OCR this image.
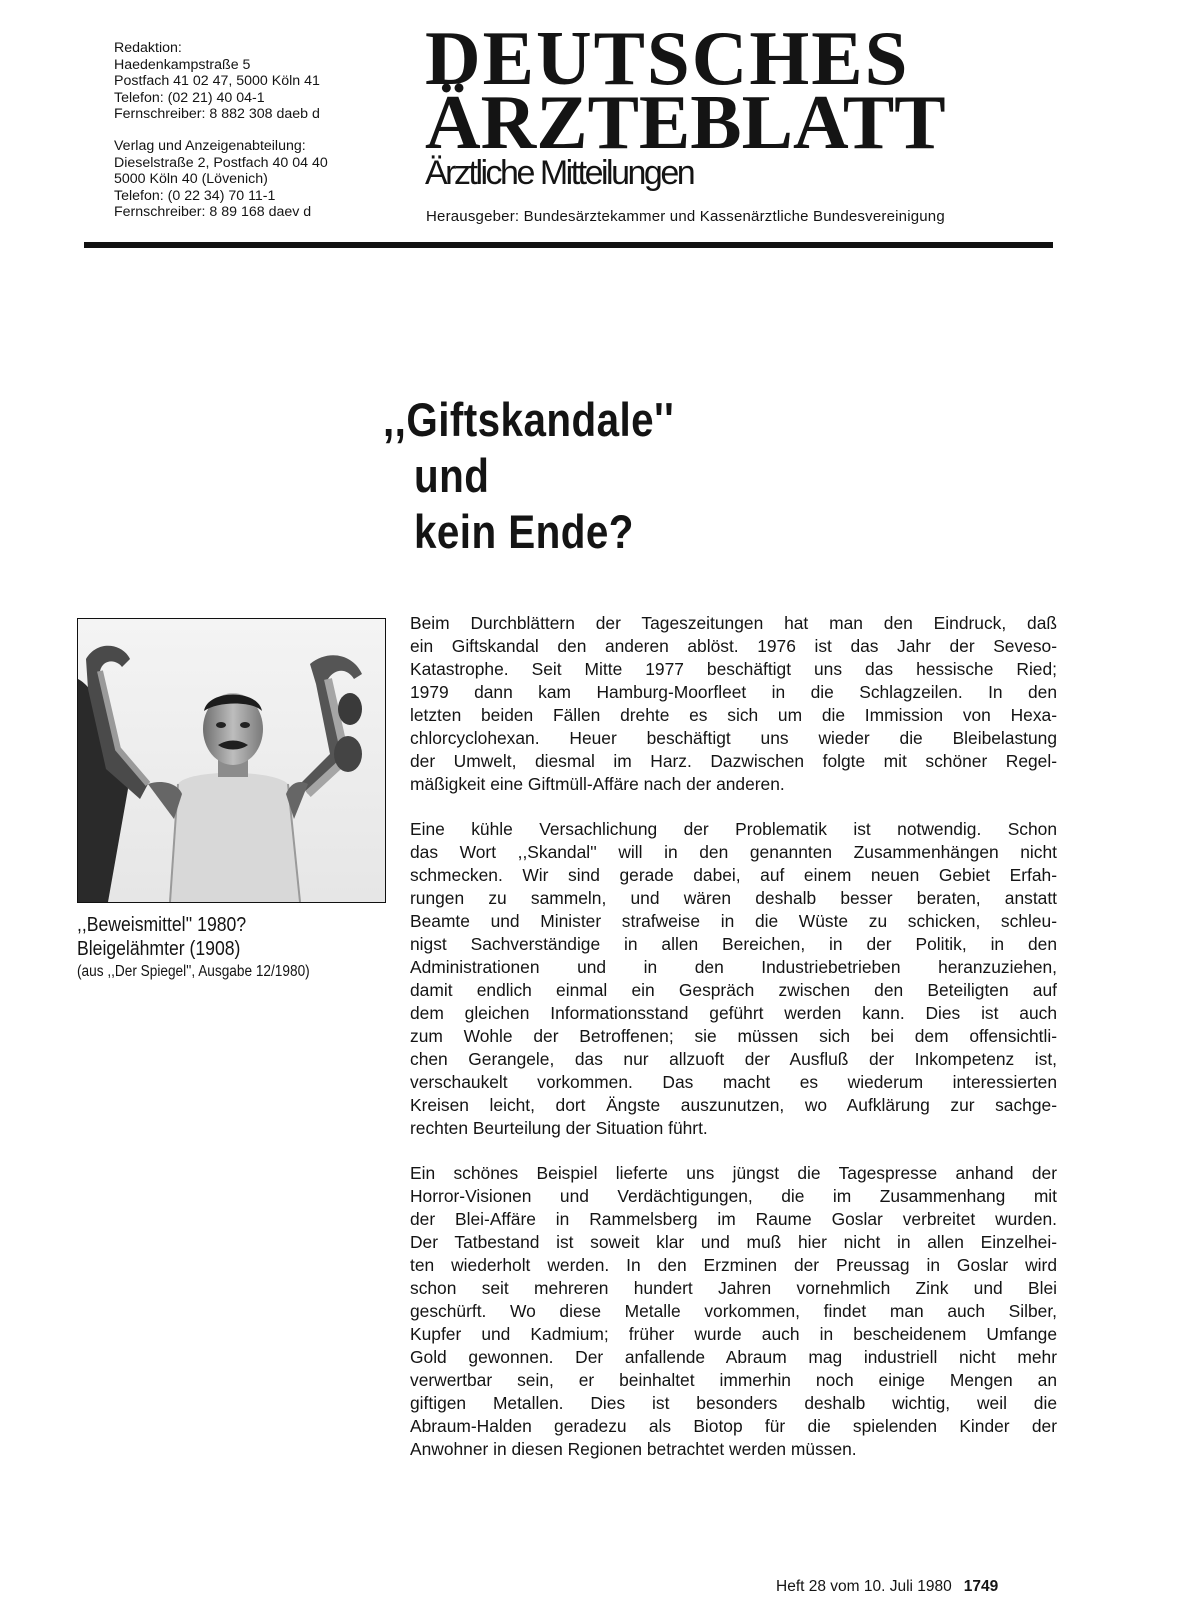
Redaktion:
Haedenkampstraße 5
Postfach 41 02 47, 5000 Köln 41
Telefon: (02 21) 40 04-1
Fernschreiber: 8 882 308 daeb d
Verlag und Anzeigenabteilung:
Dieselstraße 2, Postfach 40 04 40
5000 Köln 40 (Lövenich)
Telefon: (0 22 34) 70 11-1
Fernschreiber: 8 89 168 daev d
DEUTSCHES
ÄRZTEBLATT
Ärztliche Mitteilungen
Herausgeber: Bundesärztekammer und Kassenärztliche Bundesvereinigung
,,Giftskandale''
und
kein Ende?
,,Beweismittel'' 1980?
Bleigelähmter (1908)
(aus ,,Der Spiegel'', Ausgabe 12/1980)
Beim Durchblättern der Tageszeitungen hat man den Eindruck, daß
ein Giftskandal den anderen ablöst. 1976 ist das Jahr der Seveso-
Katastrophe. Seit Mitte 1977 beschäftigt uns das hessische Ried;
1979 dann kam Hamburg-Moorfleet in die Schlagzeilen. In den
letzten beiden Fällen drehte es sich um die Immission von Hexa-
chlorcyclohexan. Heuer beschäftigt uns wieder die Bleibelastung
der Umwelt, diesmal im Harz. Dazwischen folgte mit schöner Regel-
mäßigkeit eine Giftmüll-Affäre nach der anderen.
Eine kühle Versachlichung der Problematik ist notwendig. Schon
das Wort ,,Skandal'' will in den genannten Zusammenhängen nicht
schmecken. Wir sind gerade dabei, auf einem neuen Gebiet Erfah-
rungen zu sammeln, und wären deshalb besser beraten, anstatt
Beamte und Minister strafweise in die Wüste zu schicken, schleu-
nigst Sachverständige in allen Bereichen, in der Politik, in den
Administrationen und in den Industriebetrieben heranzuziehen,
damit endlich einmal ein Gespräch zwischen den Beteiligten auf
dem gleichen Informationsstand geführt werden kann. Dies ist auch
zum Wohle der Betroffenen; sie müssen sich bei dem offensichtli-
chen Gerangele, das nur allzuoft der Ausfluß der Inkompetenz ist,
verschaukelt vorkommen. Das macht es wiederum interessierten
Kreisen leicht, dort Ängste auszunutzen, wo Aufklärung zur sachge-
rechten Beurteilung der Situation führt.
Ein schönes Beispiel lieferte uns jüngst die Tagespresse anhand der
Horror-Visionen und Verdächtigungen, die im Zusammenhang mit
der Blei-Affäre in Rammelsberg im Raume Goslar verbreitet wurden.
Der Tatbestand ist soweit klar und muß hier nicht in allen Einzelhei-
ten wiederholt werden. In den Erzminen der Preussag in Goslar wird
schon seit mehreren hundert Jahren vornehmlich Zink und Blei
geschürft. Wo diese Metalle vorkommen, findet man auch Silber,
Kupfer und Kadmium; früher wurde auch in bescheidenem Umfange
Gold gewonnen. Der anfallende Abraum mag industriell nicht mehr
verwertbar sein, er beinhaltet immerhin noch einige Mengen an
giftigen Metallen. Dies ist besonders deshalb wichtig, weil die
Abraum-Halden geradezu als Biotop für die spielenden Kinder der
Anwohner in diesen Regionen betrachtet werden müssen.
Heft 28 vom 10. Juli 1980 1749
